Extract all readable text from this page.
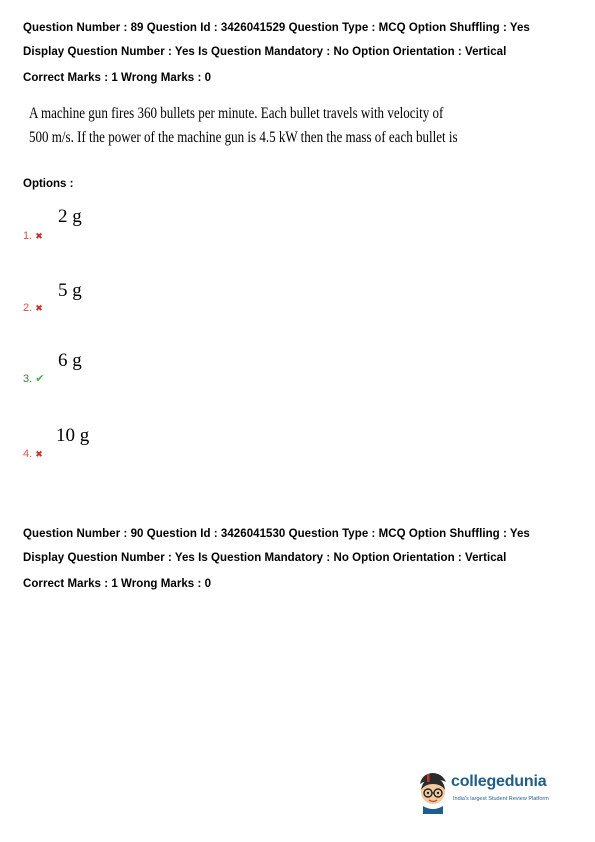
Question Number : 89 Question Id : 3426041529 Question Type : MCQ Option Shuffling : Yes
Display Question Number : Yes Is Question Mandatory : No Option Orientation : Vertical
Correct Marks : 1 Wrong Marks : 0
A machine gun fires 360 bullets per minute. Each bullet travels with velocity of
500 m/s. If the power of the machine gun is 4.5 kW then the mass of each bullet is
Options :
2 g
1. ✖
5 g
2. ✖
6 g
3. ✔
10 g
4. ✖
Question Number : 90 Question Id : 3426041530 Question Type : MCQ Option Shuffling : Yes
Display Question Number : Yes Is Question Mandatory : No Option Orientation : Vertical
Correct Marks : 1 Wrong Marks : 0
collegedunia
India's largest Student Review Platform
